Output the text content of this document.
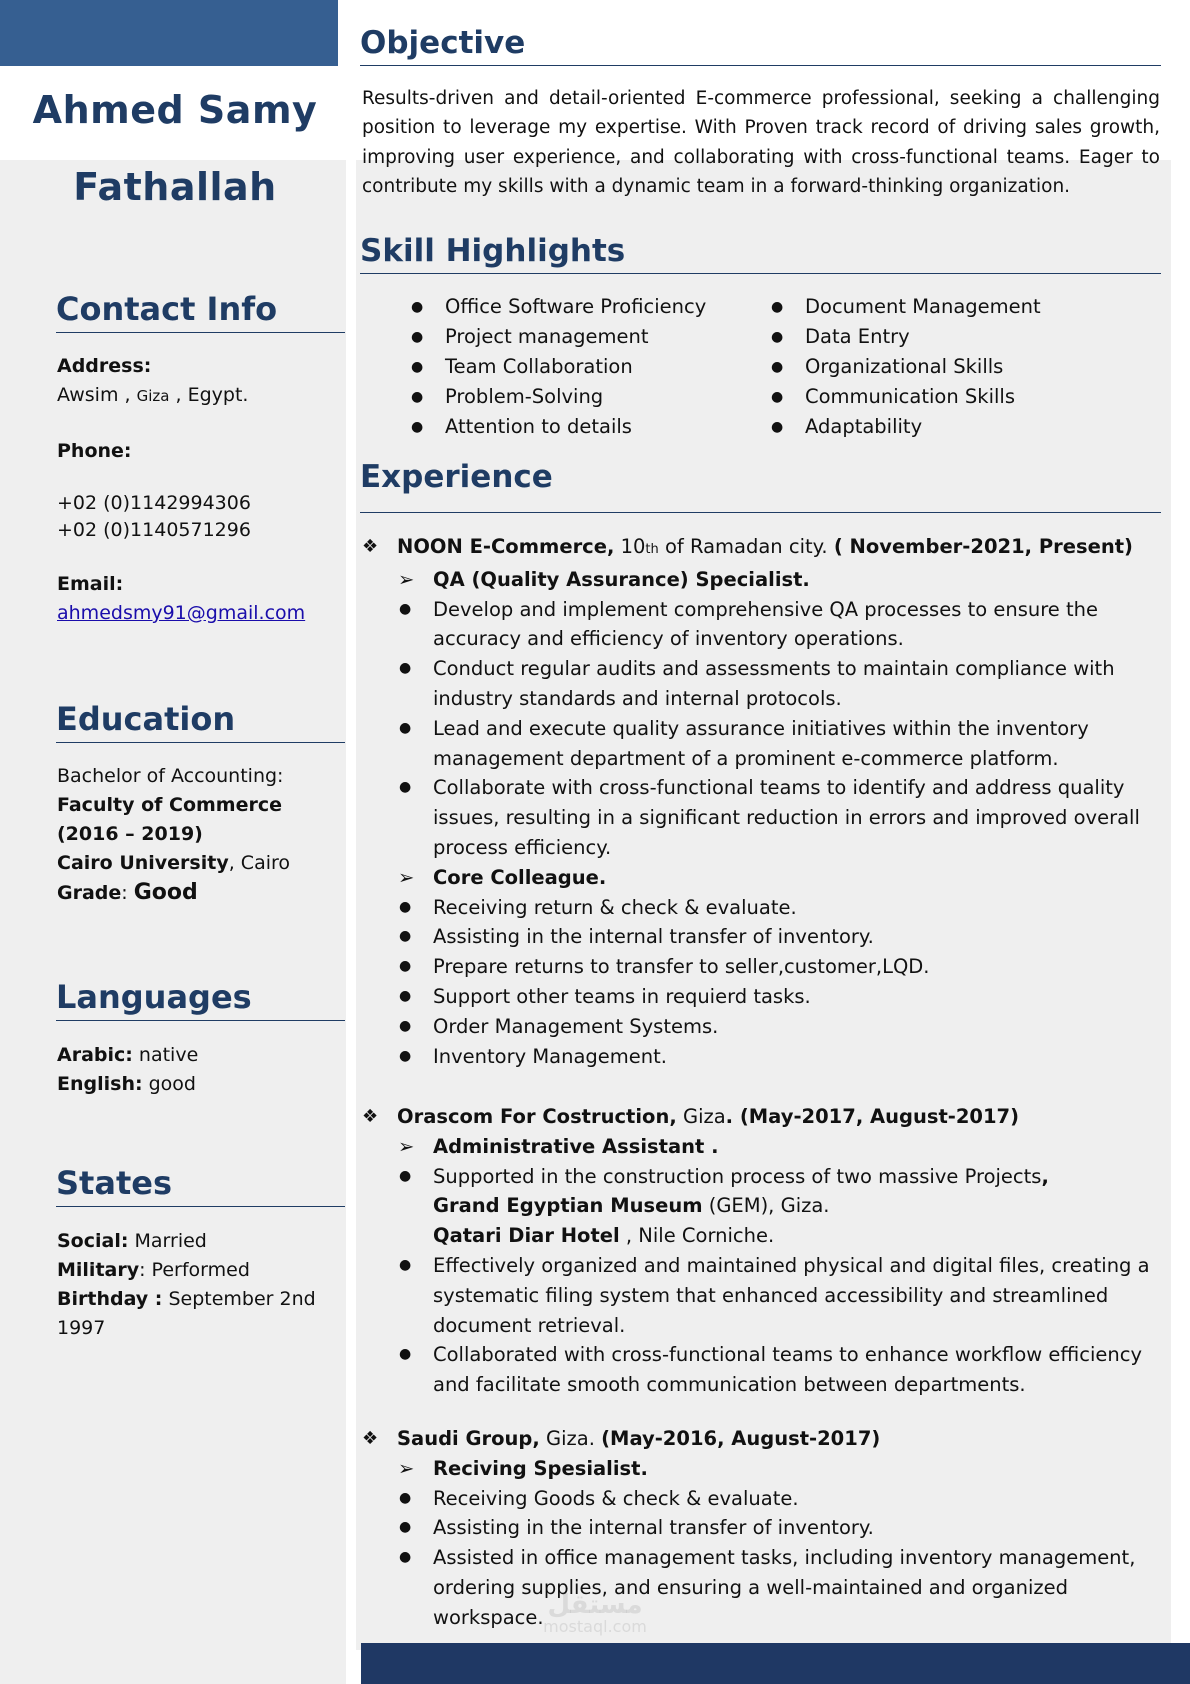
Ahmed Samy
Fathallah
Contact Info
Address:
Awsim , Giza , Egypt.
Phone:
+02 (0)1142994306
+02 (0)1140571296
Email:
ahmedsmy91@gmail.com
Education
Bachelor of Accounting:
Faculty of Commerce (2016 – 2019)
Cairo University, Cairo
Grade: Good
Languages
Arabic: native
English: good
States
Social: Married
Military: Performed
Birthday : September 2nd 1997
Objective
Results-driven and detail-oriented E-commerce professional, seeking a challenging position to leverage my expertise. With Proven track record of driving sales growth, improving user experience, and collaborating with cross-functional teams. Eager to contribute my skills with a dynamic team in a forward-thinking organization.
Skill Highlights
● Office Software Proficiency
● Project management
● Team Collaboration
● Problem-Solving
● Attention to details
● Document Management
● Data Entry
● Organizational Skills
● Communication Skills
● Adaptability
Experience
❖ NOON E-Commerce, 10th of Ramadan city. ( November-2021, Present)
➢ QA (Quality Assurance) Specialist.
● Develop and implement comprehensive QA processes to ensure the accuracy and efficiency of inventory operations.
● Conduct regular audits and assessments to maintain compliance with industry standards and internal protocols.
● Lead and execute quality assurance initiatives within the inventory management department of a prominent e-commerce platform.
● Collaborate with cross-functional teams to identify and address quality issues, resulting in a significant reduction in errors and improved overall process efficiency.
➢ Core Colleague.
● Receiving return & check & evaluate.
● Assisting in the internal transfer of inventory.
● Prepare returns to transfer to seller,customer,LQD.
● Support other teams in requierd tasks.
● Order Management Systems.
● Inventory Management.
❖ Orascom For Costruction, Giza. (May-2017, August-2017)
➢ Administrative Assistant .
● Supported in the construction process of two massive Projects,
Grand Egyptian Museum (GEM), Giza.
Qatari Diar Hotel , Nile Corniche.
● Effectively organized and maintained physical and digital files, creating a systematic filing system that enhanced accessibility and streamlined document retrieval.
● Collaborated with cross-functional teams to enhance workflow efficiency and facilitate smooth communication between departments.
❖ Saudi Group, Giza. (May-2016, August-2017)
➢ Reciving Spesialist.
● Receiving Goods & check & evaluate.
● Assisting in the internal transfer of inventory.
● Assisted in office management tasks, including inventory management, ordering supplies, and ensuring a well-maintained and organized workspace. مستقل
mostaql.com
